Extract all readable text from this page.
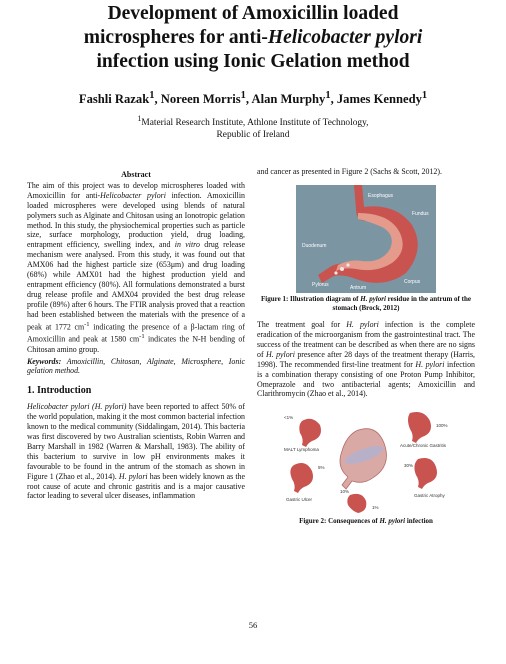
Development of Amoxicillin loaded
microspheres for anti-Helicobacter pylori
infection using Ionic Gelation method
Fashli Razak$^1$, Noreen Morris$^1$, Alan Murphy$^1$, James Kennedy$^1$
$^1$Material Research Institute, Athlone Institute of Technology,
Republic of Ireland
Abstract

The aim of this project was to develop microspheres loaded with Amoxicillin for anti-Helicobacter pylori infection. Amoxicillin loaded microspheres were developed using blends of natural polymers such as Alginate and Chitosan using an Ionotropic gelation method. In this study, the physiochemical properties such as particle size, surface morphology, production yield, drug loading, entrapment efficiency, swelling index, and in vitro drug release mechanism were analysed. From this study, it was found out that AMX06 had the highest particle size (653μm) and drug loading (68%) while AMX01 had the highest production yield and entrapment efficiency (80%). All formulations demonstrated a burst drug release profile and AMX04 provided the best drug release profile (89%) after 6 hours. The FTIR analysis proved that a reaction had been established between the materials with the presence of a peak at 1772 $cm^{-1}$ indicating the presence of a β-lactam ring of Amoxicillin and peak at 1580 $cm^{-1}$ indicates the N-H bending of Chitosan amino group.

Keywords: Amoxicillin, Chitosan, Alginate, Microsphere, Ionic gelation method.

1. Introduction

Helicobacter pylori (H. pylori) have been reported to affect 50% of the world population, making it the most common bacterial infection known to the medical community (Siddalingam, 2014). This bacteria was first discovered by two Australian scientists, Robin Warren and Barry Marshall in 1982 (Warren & Marshall, 1983). The ability of this bacterium to survive in low pH environments makes it favourable to be found in the antrum of the stomach as shown in Figure 1 (Zhao et al., 2014). H. pylori has been widely known as the root cause of acute and chronic gastritis and is a major causative factor leading to several ulcer diseases, inflammation

and cancer as presented in Figure 2 (Sachs & Scott, 2012).

Esophagus
Duodenum
Pylorus	Antrum
Corpus
Fundus
Figure 1: Illustration diagram of H. pylori residue in the antrum of the stomach (Brock, 2012)

The treatment goal for H. pylori infection is the complete eradication of the microorganism from the gastrointestinal tract. The success of the treatment can be described as when there are no signs of H. pylori presence after 28 days of the treatment therapy (Harris, 1998). The recommended first-line treatment for H. pylori infection is a combination therapy consisting of one Proton Pump Inhibitor, Omeprazole and two antibacterial agents; Amoxicillin and Clarithromycin (Zhao et al., 2014).

<1%
MALT Lymphoma
100%
Acute/Chronic Gastritis
5%
Gastric Ulcer
30%
Gastric Atrophy
10%
1%
Figure 2: Consequences of H. pylori infection
56
